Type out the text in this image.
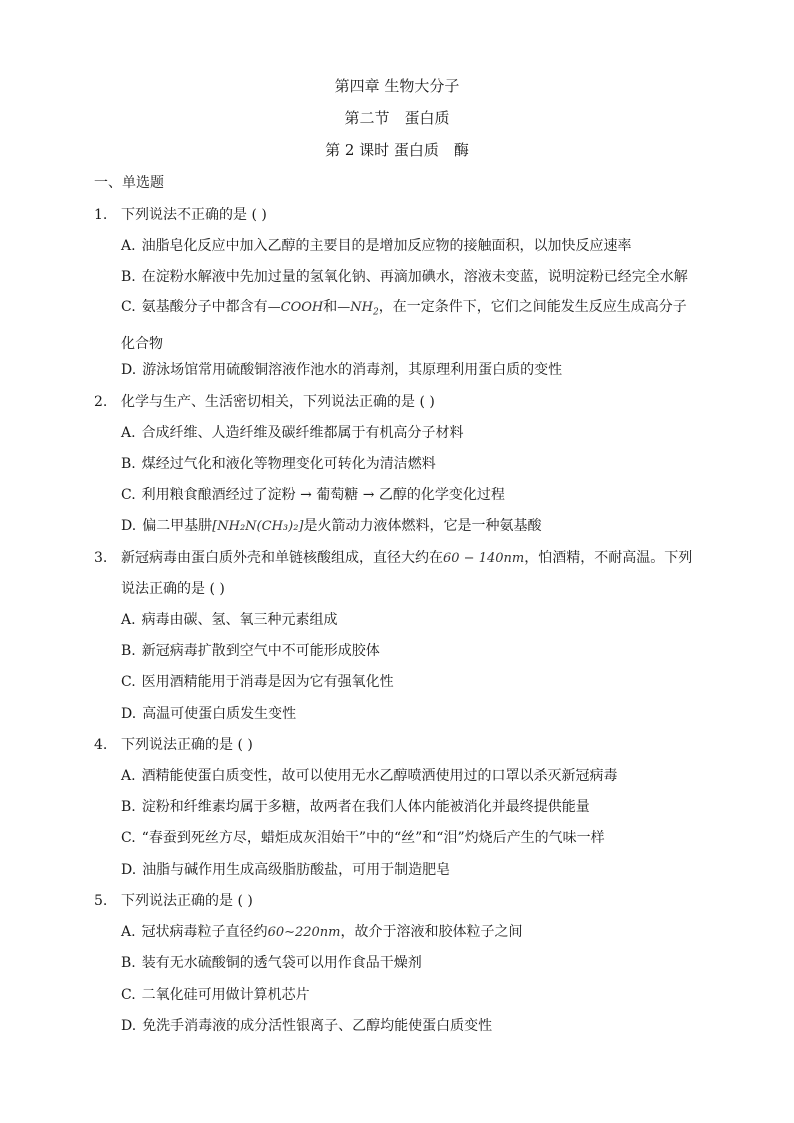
第四章 生物大分子
第二节　蛋白质
第 2 课时 蛋白质　酶
一、单选题
1. 下列说法不正确的是 ( )
A. 油脂皂化反应中加入乙醇的主要目的是增加反应物的接触面积，以加快反应速率
B. 在淀粉水解液中先加过量的氢氧化钠、再滴加碘水，溶液未变蓝，说明淀粉已经完全水解
C. 氨基酸分子中都含有—COOH和$—NH_2$，在一定条件下，它们之间能发生反应生成高分子化合物
D. 游泳场馆常用硫酸铜溶液作池水的消毒剂，其原理利用蛋白质的变性
2. 化学与生产、生活密切相关，下列说法正确的是 ( )
A. 合成纤维、人造纤维及碳纤维都属于有机高分子材料
B. 煤经过气化和液化等物理变化可转化为清洁燃料
C. 利用粮食酿酒经过了淀粉 → 葡萄糖 → 乙醇的化学变化过程
D. 偏二甲基肼[NH₂N(CH₃)₂]是火箭动力液体燃料，它是一种氨基酸
3. 新冠病毒由蛋白质外壳和单链核酸组成，直径大约在60 − 140nm，怕酒精，不耐高温。下列说法正确的是 ( )
A. 病毒由碳、氢、氧三种元素组成
B. 新冠病毒扩散到空气中不可能形成胶体
C. 医用酒精能用于消毒是因为它有强氧化性
D. 高温可使蛋白质发生变性
4. 下列说法正确的是 ( )
A. 酒精能使蛋白质变性，故可以使用无水乙醇喷洒使用过的口罩以杀灭新冠病毒
B. 淀粉和纤维素均属于多糖，故两者在我们人体内能被消化并最终提供能量
C. “春蚕到死丝方尽，蜡炬成灰泪始干”中的“丝”和“泪”灼烧后产生的气味一样
D. 油脂与碱作用生成高级脂肪酸盐，可用于制造肥皂
5. 下列说法正确的是 ( )
A. 冠状病毒粒子直径约60∼220nm，故介于溶液和胶体粒子之间
B. 装有无水硫酸铜的透气袋可以用作食品干燥剂
C. 二氧化硅可用做计算机芯片
D. 免洗手消毒液的成分活性银离子、乙醇均能使蛋白质变性
